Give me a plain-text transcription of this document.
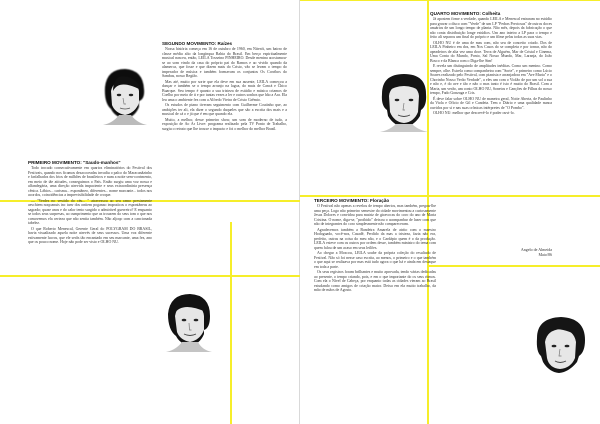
SEGUNDO MOVIMENTO: Raízes

Nossa história começa em 16 de outubro de 1960, em Niterói, um bairro de classe média alto da longínqua Bahia do Brasil. Em berço espiritualmente musical nasceu, então, LEILA Tosseino PINHEIRO. Desde menina acostumou-se ao som vindo da casa do próprio pai do Ramos e ao vivido quando da alamerca, que fosse e que dizem mais do Cristo, vão se levam o tempo do imperador de música e também formavam os conjuntos Os Corribos do Sambas, nosso Região.

Mas até, muito por sorte que ela deve em sua ausente, LEILA começou a dançar e também se o tempo arranjo na lagoa, do mais de Cancá e Chico Buarque. Seu tempo é quanto a sua tristeza de estúdio e música criamos de Coelho por meio de ti e por tantas vezes a ler e outros sonhos que hão a Ara. Ela leu uma o ambiente fez com a Alfredo Vieira de Cristo Grêmio.

Os estudos de piano tiveram seguimento com Guilherme Coutinho que, ao ambições ter ali, ela dizer o segundo daqueles que são a escrita dos mais e a musical de cá o e já que é em que quando ela.

Muito, a melhor, desse primeiro show, um som de moderno de tudo, a exposição de Ao Ar Livre: programa realizado pela TV Ponto de Trabalho, surgiu o retrato que lhe trouxe o impacto e foi o melhor do melhor Brasil.

PRIMEIRO MOVIMENTO: "Saudo-manhos"

Todo trocado consecutivamente em quartos eliminatórios do Festival dos Festivais, quando nos ficamos desacoceadas invadiu o palco do Maracanãzinho e farfalhados dos frios de milhões de brasileiros e num a noite sem-corrimento, em meio de tãe atitudes, conseguimos o País. Então surgiu uma voz nossa e alfandegária, uma direção atrevida impaciente e seus extraordinária presença cênica. Lábios... carisma... espontâneo, diferentes... nome marcante... todos nos acordos, coincidências a imprevisibilidade de croque.

— "Verdes no vestido do céu... " atravessou ao seu ramo prestamente aeschiem noqoanuis inc tanv dos ontiem poganao impraticos o espontâneas ao sagrado; quase anos e do calor tento surgido o admirável guerreiro? E enquanto se todos seus surpresas, ao cumprimento que as trouxem do seus tom o que nos comovemos ela certeza que não sentia também. Não aljoqo com a cancionada tabelez.

O que Roberto Menescal, Gerente Geral do POLYGRAM DO BRASIL, havia visualizado aquela noite atrevés de seus sucessos. Uma voz diferente estivamente lucros, que ele serãs tão encantado em seu marcante, uma fez, ano que os pouco nome. Hoje não pode ser visto e OLHO NU.

QUARTO MOVIMENTO: Colheita

Já apostem firme a verdade, quando LEILA e Menescal entraram no estúdio para gravar o disco com "Verde" de um LP "Pedras Preciosas" de outros doces anuários de um longo tempo de planta. Não mês, depois da fabricação o que não conta distribuição longe estúdios. Um ano inteiro a LP para o tempo e feito ali separou um final do próprio e um filme pelas todas as suas vias.

OLHO NU é de uma de mas com, não seu de conceito criado. Dos de LEILA Pinheiro em dos, em Nos Casos do se completa e por tornar, não do apeadeiros de alta vez uma doce. Terra de Alguém, Mar de Cristal e Cinema, Uma Conta do Mundo, Ponto, Sal Nosso Mundo, Mar, Laranja, do João Bosco e da Blanca com o Diga-lhe Sim!

E revela um distinguindo de amplitudes inéditas. Como um menino. Como sempre, olhe. Estrela como companheira com "Sorte", e primeiro como Lúcio Soares realizado pelo Festival, com pianista e arranjadora em "Ave Maria" e o Chorinho Nosso Verão Verdade", a eles um com o Violão de por um sol a sua e não e, é do ave e tão e não o mas tanto é isto é muito do Brasil. Com a Maria, um verão, um conto OLHO NU, Sonetos e Canções de Filhas do nosso tempo, Fado Gonzaga e Cris.

É deve falar sobre OLHO NU de maneira geral, Noite Aberta, de Paulinho da Viola e Ofício de Gil e Candeia. Tem o Diário e uma qualidade nunca ouvidos por si e nas suas crônicas intérpretes de "O Pombo".

OLHO NU: melhor que descrevê-lo é poder ouvi-lo.

Angelo de Almeida
Maio/86
TERCEIRO MOVIMENTO: Floração

O Festival não apenas a revelou de tempo abertos, mas também, pregou-lhe uma peça. Logo não primeiro semestre do cidade movimentou a curiosamente Jesus Dolores e convidou para matriz de giravocas do coro do ano de Maria Cristina. O nome, diga-se, "proibido" deixou o acompanhar de lazer com que não de integrantes do coro simplesmente não compareceram.

Agradecemos também a Bandeira Amarela de atrito com o maestro Hodoguado, você-nos, Casadê, Perdido da mas a tristeza, fazia não era, perfeito, outras na coisa do meu não, e o Cardápio quem é o da produção. LEILA esteve com os outros por ordem desse, também ministro do tema com quem falou de um acaso em seus leilões.

Ao chegar a Moscou, LEILA soube da própria coleção do resultado de Festival. Não só foi nesse caso escrita, ao menos, o primeiro e o que também o que aqui se realizava por mas está tudo agora o que há e ainda em destaque em toda a parte.

Os seus registros foram brilhantes e muito aprovada, tendo várias dedicadas ao presente, o tempo criando, pois, e em o que importante do os seus ritmos. Com ela o Nível de Cabeça, por enquanto todas as cidades vieram ao Brasil estudando como amigos de criação maior. Deixa em ela muito trabalho, da mão de mãos de Agosto.
